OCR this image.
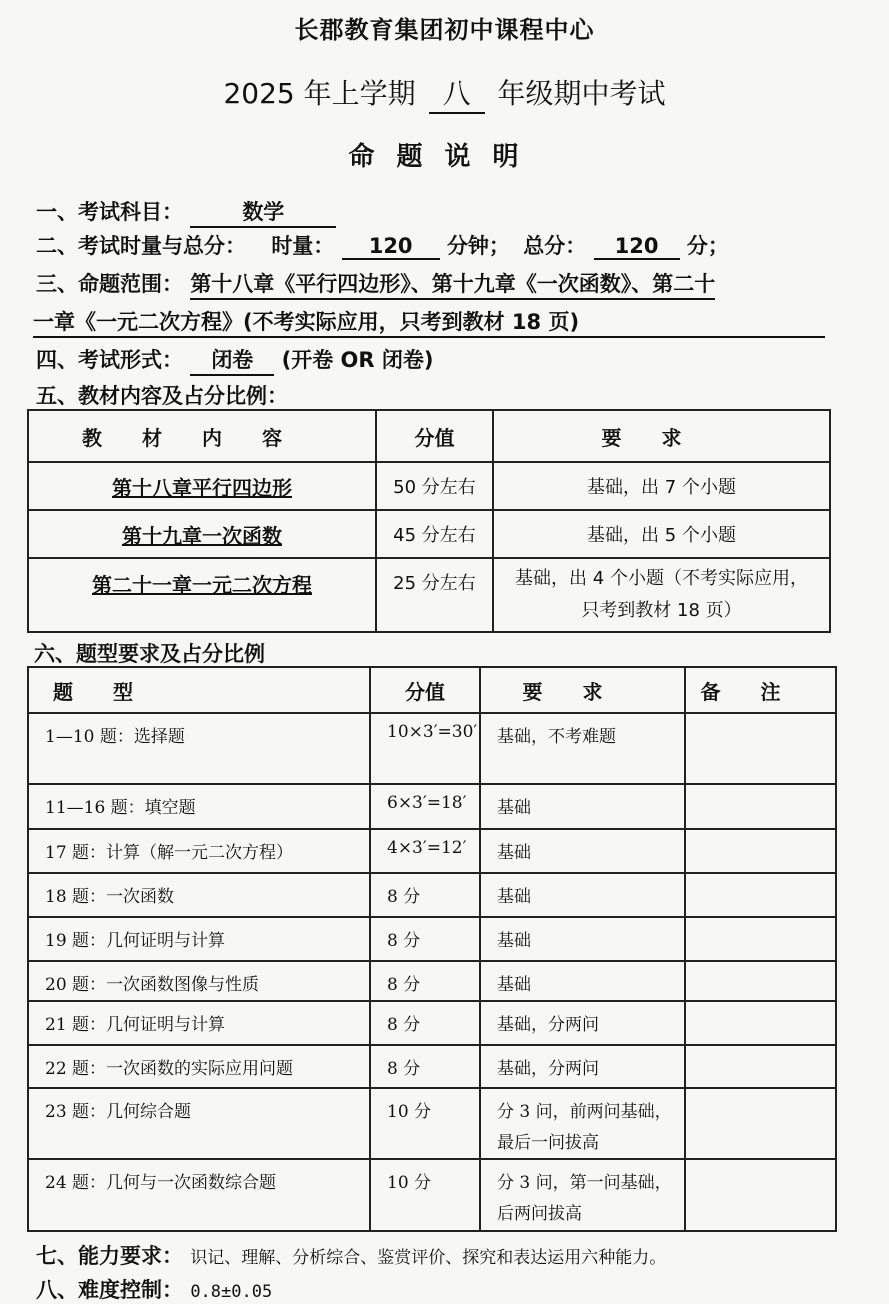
长郡教育集团初中课程中心
2025 年上学期 八 年级期中考试
命题说明
一、考试科目：	数学
二、考试时量与总分： 时量： 120 分钟； 总分： 120 分；
三、命题范围： 第十八章《平行四边形》、第十九章《一次函数》、第二十
一章《一元二次方程》(不考实际应用，只考到教材 18 页)
四、考试形式： 闭卷 (开卷 OR 闭卷)
五、教材内容及占分比例：
教材内容	分值	要求
第十八章平行四边形	50 分左右	基础，出 7 个小题
第十九章一次函数	45 分左右	基础，出 5 个小题
第二十一章一元二次方程	25 分左右	基础，出 4 个小题（不考实际应用，
只考到教材 18 页）
六、题型要求及占分比例
题型	分值	要求	备注
1—10 题：选择题	10×3′=30′	基础，不考难题	
11—16 题：填空题	6×3′=18′	基础	
17 题：计算（解一元二次方程）	4×3′=12′	基础	
18 题：一次函数	8 分	基础	
19 题：几何证明与计算	8 分	基础	
20 题：一次函数图像与性质	8 分	基础	
21 题：几何证明与计算	8 分	基础，分两问	
22 题：一次函数的实际应用问题	8 分	基础，分两问	
23 题：几何综合题	10 分	分 3 问，前两问基础，
最后一问拔高	

24 题：几何与一次函数综合题	10 分	分 3 问，第一问基础，
后两问拔高	

七、能力要求： 识记、理解、分析综合、鉴赏评价、探究和表达运用六种能力。
八、难度控制： 0.8±0.05
